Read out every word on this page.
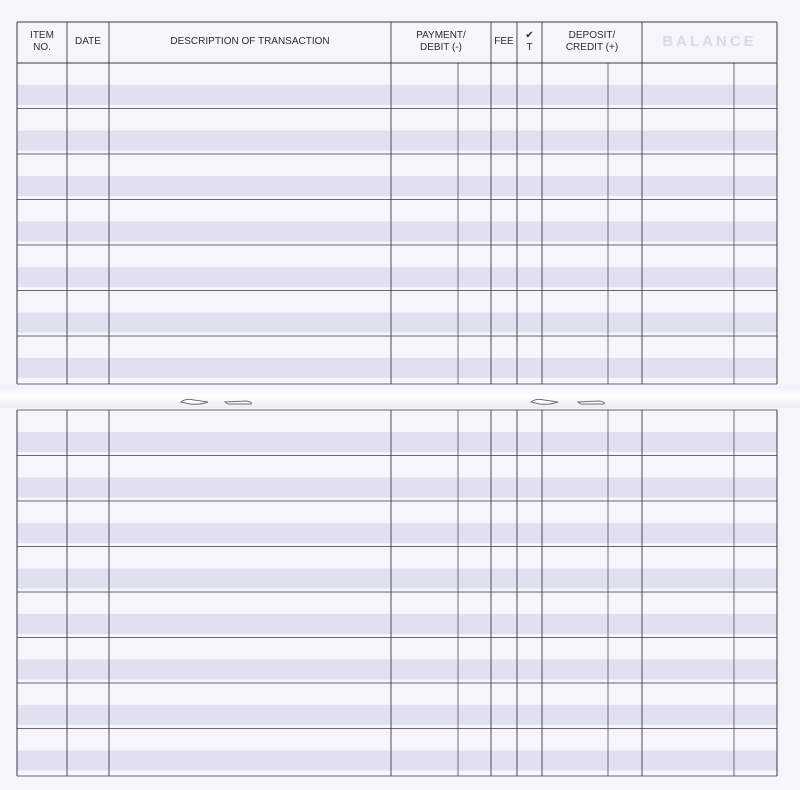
ITEM
NO.
DATE	DESCRIPTION OF TRANSACTION
PAYMENT/
DEBIT (-)
FEE
✔
T
DEPOSIT/
CREDIT (+)	BALANCE
